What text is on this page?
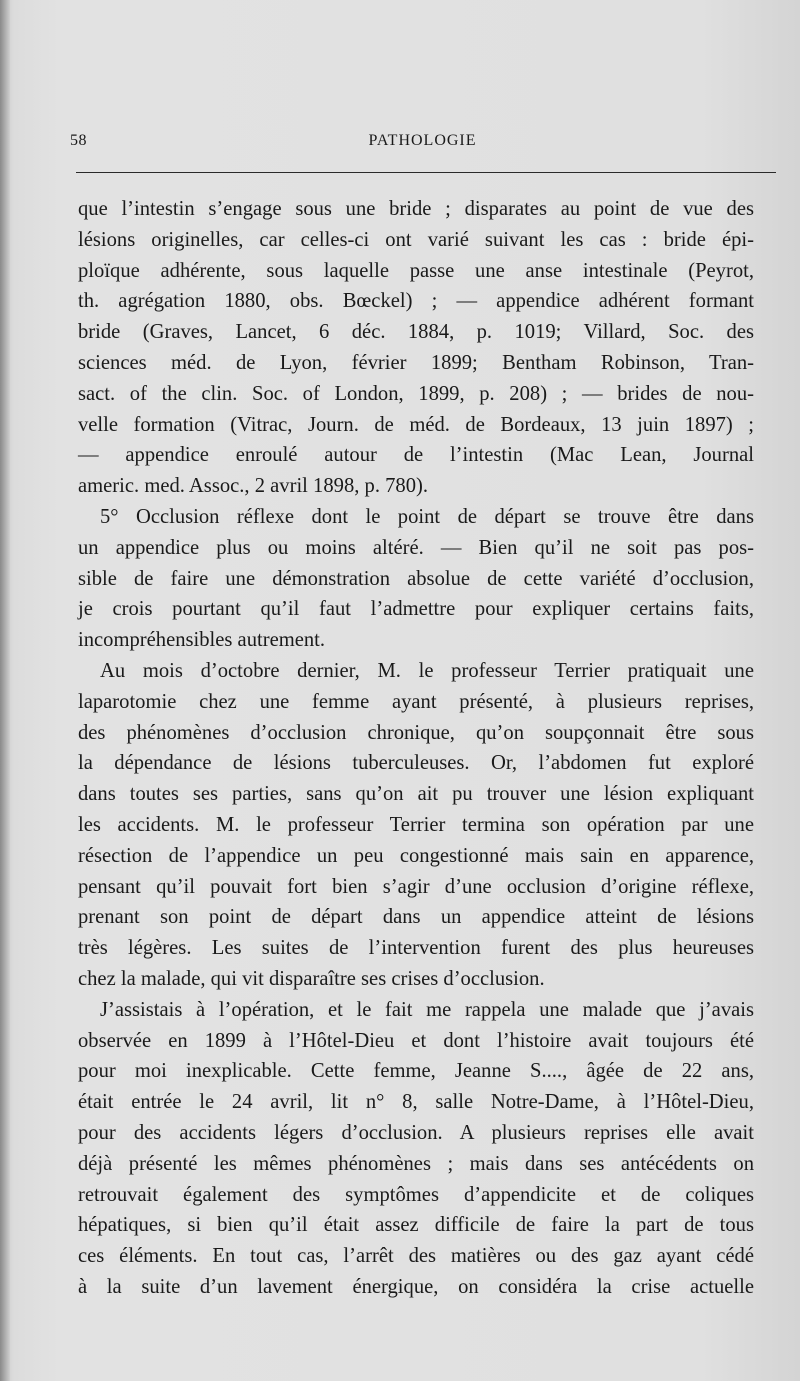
58	PATHOLOGIE
que l’intestin s’engage sous une bride ; disparates au point de vue des
lésions originelles, car celles-ci ont varié suivant les cas : bride épi-
ploïque adhérente, sous laquelle passe une anse intestinale (Peyrot,
th. agrégation 1880, obs. Bœckel) ; — appendice adhérent formant
bride (Graves, Lancet, 6 déc. 1884, p. 1019; Villard, Soc. des
sciences méd. de Lyon, février 1899; Bentham Robinson, Tran-
sact. of the clin. Soc. of London, 1899, p. 208) ; — brides de nou-
velle formation (Vitrac, Journ. de méd. de Bordeaux, 13 juin 1897) ;
— appendice enroulé autour de l’intestin (Mac Lean, Journal
americ. med. Assoc., 2 avril 1898, p. 780).
5° Occlusion réflexe dont le point de départ se trouve être dans
un appendice plus ou moins altéré. — Bien qu’il ne soit pas pos-
sible de faire une démonstration absolue de cette variété d’occlusion,
je crois pourtant qu’il faut l’admettre pour expliquer certains faits,
incompréhensibles autrement.
Au mois d’octobre dernier, M. le professeur Terrier pratiquait une
laparotomie chez une femme ayant présenté, à plusieurs reprises,
des phénomènes d’occlusion chronique, qu’on soupçonnait être sous
la dépendance de lésions tuberculeuses. Or, l’abdomen fut exploré
dans toutes ses parties, sans qu’on ait pu trouver une lésion expliquant
les accidents. M. le professeur Terrier termina son opération par une
résection de l’appendice un peu congestionné mais sain en apparence,
pensant qu’il pouvait fort bien s’agir d’une occlusion d’origine réflexe,
prenant son point de départ dans un appendice atteint de lésions
très légères. Les suites de l’intervention furent des plus heureuses
chez la malade, qui vit disparaître ses crises d’occlusion.
J’assistais à l’opération, et le fait me rappela une malade que j’avais
observée en 1899 à l’Hôtel-Dieu et dont l’histoire avait toujours été
pour moi inexplicable. Cette femme, Jeanne S...., âgée de 22 ans,
était entrée le 24 avril, lit n° 8, salle Notre-Dame, à l’Hôtel-Dieu,
pour des accidents légers d’occlusion. A plusieurs reprises elle avait
déjà présenté les mêmes phénomènes ; mais dans ses antécédents on
retrouvait également des symptômes d’appendicite et de coliques
hépatiques, si bien qu’il était assez difficile de faire la part de tous
ces éléments. En tout cas, l’arrêt des matières ou des gaz ayant cédé
à la suite d’un lavement énergique, on considéra la crise actuelle
